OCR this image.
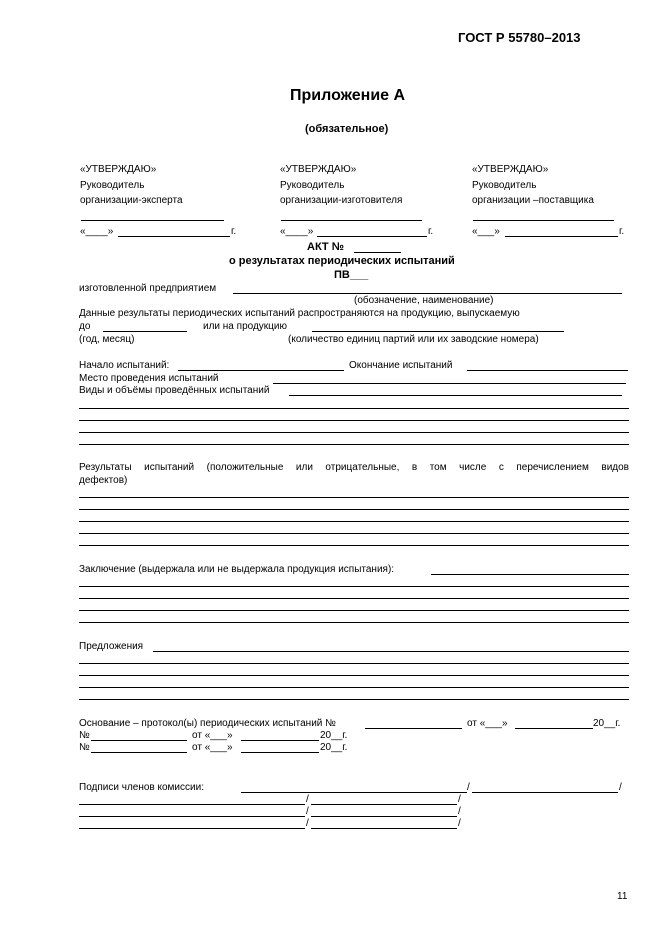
ГОСТ Р 55780–2013
Приложение А
(обязательное)
«УТВЕРЖДАЮ»
Руководитель
организации-эксперта
«____»	г.
«УТВЕРЖДАЮ»
Руководитель
организации-изготовителя
«____»	г.
«УТВЕРЖДАЮ»
Руководитель
организации –поставщика
«___»	г.
АКТ №
о результатах периодических испытаний
ПВ___
изготовленной предприятием
(обозначение, наименование)
Данные результаты периодических испытаний распространяются на продукцию, выпускаемую
до	или на продукцию
(год, месяц)	(количество единиц партий или их заводские номера)
Начало испытаний:	Окончание испытаний
Место проведения испытаний
Виды и объёмы проведённых испытаний
Результаты испытаний (положительные или отрицательные, в том числе с перечислением видов
дефектов)
Заключение (выдержала или не выдержала продукция испытания):
Предложения
Основание – протокол(ы) периодических испытаний №	от «___»	20__г.
№	от «___»	20__г.
№	от «___»	20__г.
Подписи членов комиссии:	/	/
/	/
/	/
/	/
11
